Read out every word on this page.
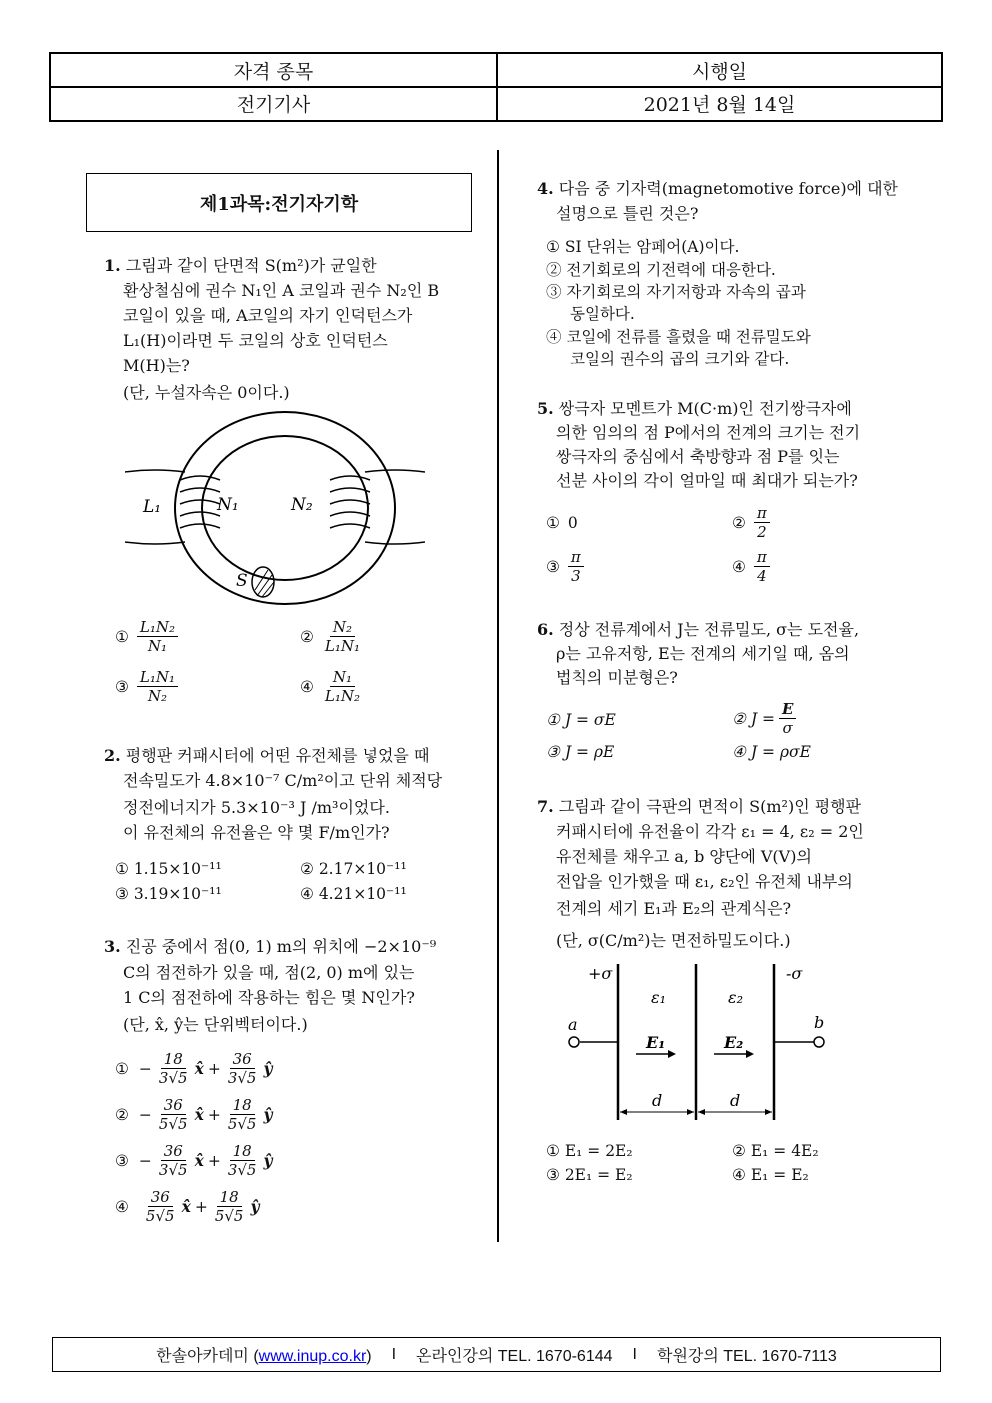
자격 종목	시행일
전기기사	2021년 8월 14일
제1과목:전기자기학
1. 그림과 같이 단면적 S(m²)가 균일한
환상철심에 권수 N₁인 A 코일과 권수 N₂인 B
코일이 있을 때, A코일의 자기 인덕턴스가
L₁(H)이라면 두 코일의 상호 인덕턴스
M(H)는?
(단, 누설자속은 0이다.)
L₁	N₁	N₂
S
① $\frac{\text{L₁N₂}}{\text{N₁}}$	② $\frac{\text{N₂}}{\text{L₁N₁}}$
③ $\frac{\text{L₁N₁}}{\text{N₂}}$	④ $\frac{\text{N₁}}{\text{L₁N₂}}$
2. 평행판 커패시터에 어떤 유전체를 넣었을 때
전속밀도가 4.8×10⁻⁷ C/m²이고 단위 체적당
정전에너지가 5.3×10⁻³ J /m³이었다.
이 유전체의 유전율은 약 몇 F/m인가?
① 1.15×10⁻¹¹	② 2.17×10⁻¹¹
③ 3.19×10⁻¹¹	④ 4.21×10⁻¹¹
3. 진공 중에서 점(0, 1) m의 위치에 −2×10⁻⁹
C의 점전하가 있을 때, 점(2, 0) m에 있는
1 C의 점전하에 작용하는 힘은 몇 N인가?
(단, x̂, ŷ는 단위벡터이다.)
① − $\frac{18}{3√5}$ x̂ + $\frac{36}{3√5}$ ŷ
② − $\frac{36}{5√5}$ x̂ + $\frac{18}{5√5}$ ŷ
③ − $\frac{36}{3√5}$ x̂ + $\frac{18}{3√5}$ ŷ
④ $\frac{36}{5√5}$ x̂ + $\frac{18}{5√5}$ ŷ
4. 다음 중 기자력(magnetomotive force)에 대한
설명으로 틀린 것은?
① SI 단위는 암페어(A)이다.
② 전기회로의 기전력에 대응한다.
③ 자기회로의 자기저항과 자속의 곱과
동일하다.
④ 코일에 전류를 흘렸을 때 전류밀도와
코일의 권수의 곱의 크기와 같다.
5. 쌍극자 모멘트가 M(C·m)인 전기쌍극자에
의한 임의의 점 P에서의 전계의 크기는 전기
쌍극자의 중심에서 축방향과 점 P를 잇는
선분 사이의 각이 얼마일 때 최대가 되는가?
① 0	② $\frac{\pi}{2}$
③ $\frac{\pi}{3}$	④ $\frac{\pi}{4}$
6. 정상 전류계에서 J는 전류밀도, σ는 도전율,
ρ는 고유저항, E는 전계의 세기일 때, 옴의
법칙의 미분형은?
① J = σE	② $J = \frac{E}{\sigma}$
③ J = ρE	④ J = ρσE
7. 그림과 같이 극판의 면적이 S(m²)인 평행판
커패시터에 유전율이 각각 ε₁ = 4, ε₂ = 2인
유전체를 채우고 a, b 양단에 V(V)의
전압을 인가했을 때 ε₁, ε₂인 유전체 내부의
전계의 세기 E₁과 E₂의 관계식은?
(단, σ(C/m²)는 면전하밀도이다.)
+σ	-σ
ε₁	ε₂
a	b
E₁	E₂
d	d
① E₁ = 2E₂	② E₁ = 4E₂
③ 2E₁ = E₂	④ E₁ = E₂
한솔아카데미 (www.inup.co.kr) I 온라인강의 TEL. 1670-6144 I 학원강의 TEL. 1670-7113
